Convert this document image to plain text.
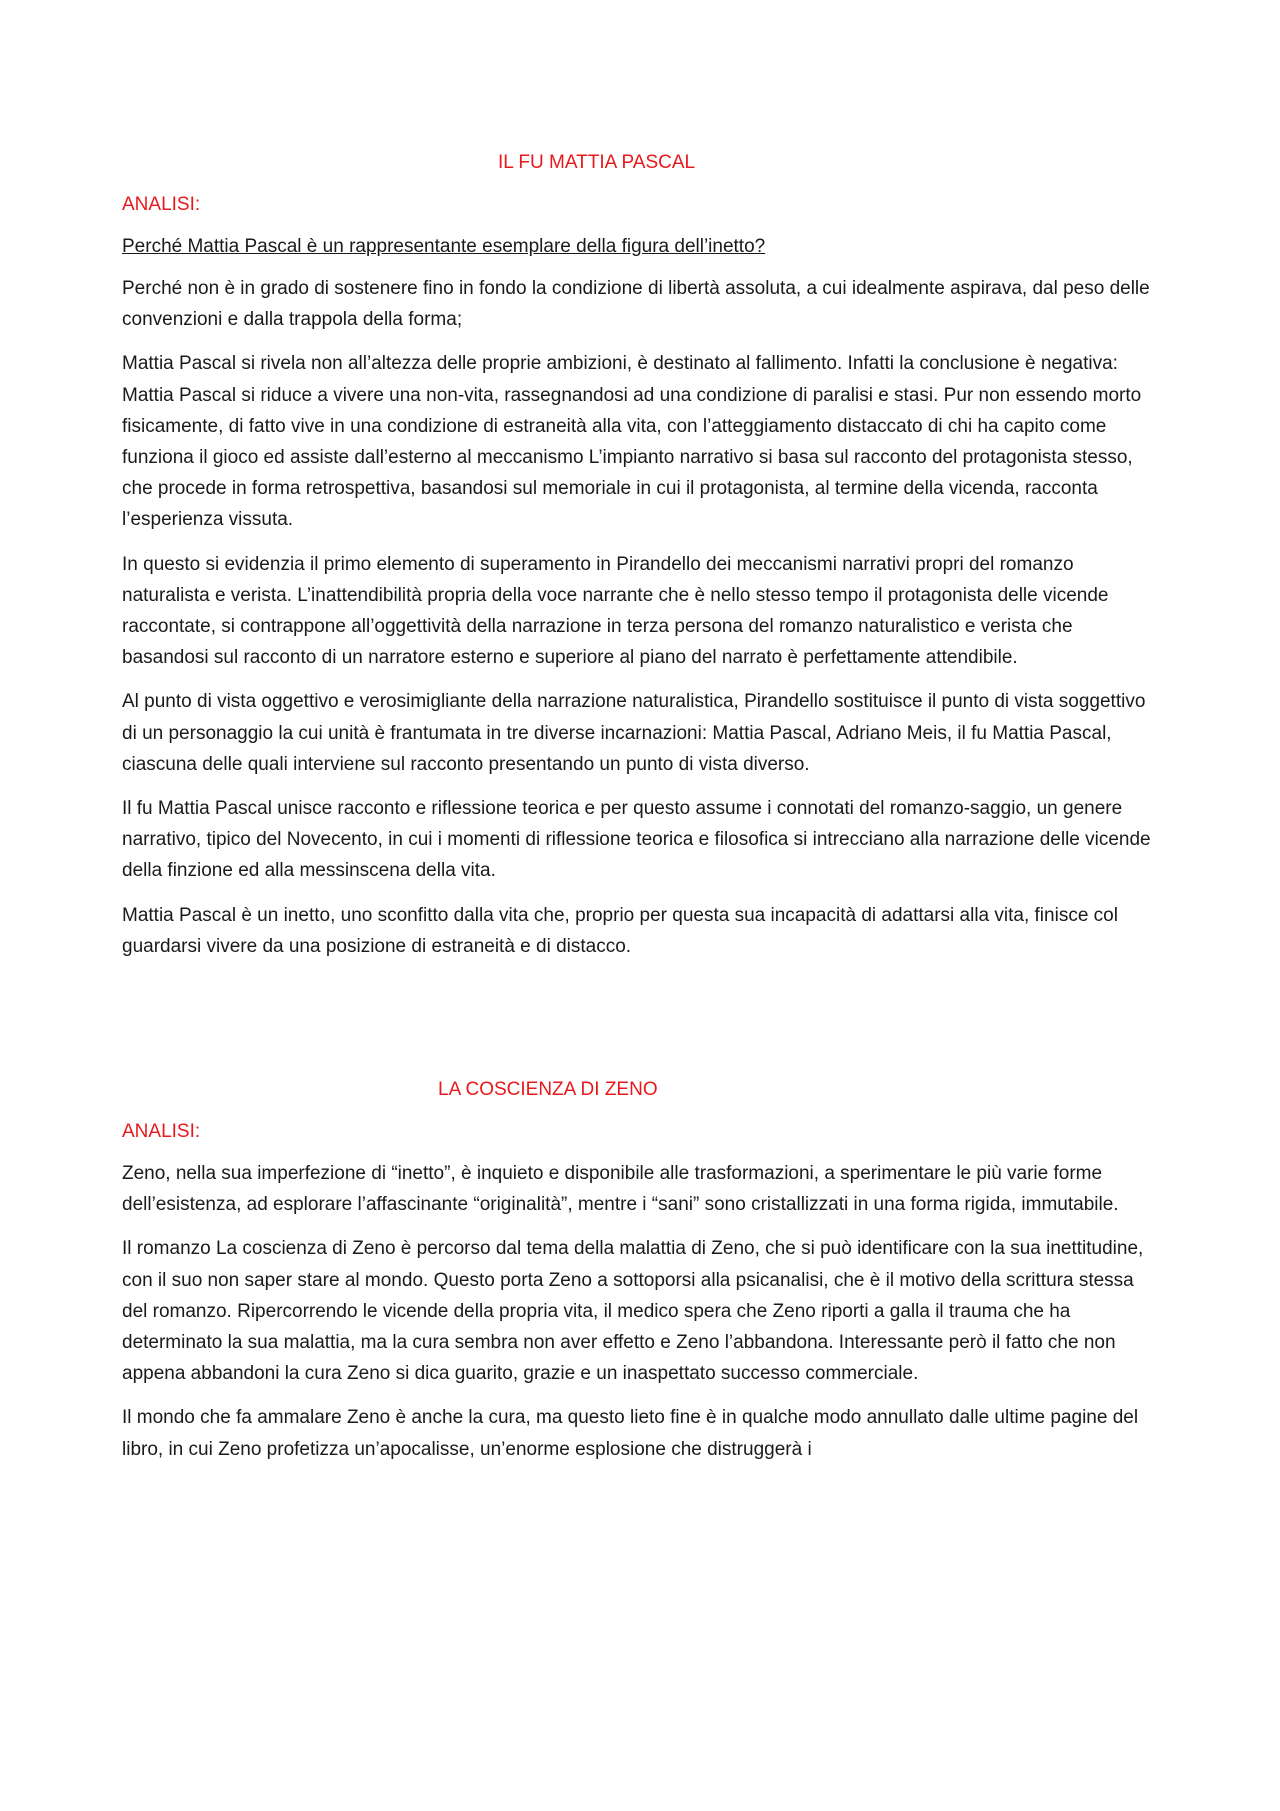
IL FU MATTIA PASCAL

ANALISI:

Perché Mattia Pascal è un rappresentante esemplare della figura dell’inetto?

Perché non è in grado di sostenere fino in fondo la condizione di libertà assoluta, a cui idealmente aspirava, dal peso delle convenzioni e dalla trappola della forma;

Mattia Pascal si rivela non all’altezza delle proprie ambizioni, è destinato al fallimento. Infatti la conclusione è negativa: Mattia Pascal si riduce a vivere una non-vita, rassegnandosi ad una condizione di paralisi e stasi. Pur non essendo morto fisicamente, di fatto vive in una condizione di estraneità alla vita, con l’atteggiamento distaccato di chi ha capito come funziona il gioco ed assiste dall’esterno al meccanismo L’impianto narrativo si basa sul racconto del protagonista stesso, che procede in forma retrospettiva, basandosi sul memoriale in cui il protagonista, al termine della vicenda, racconta l’esperienza vissuta.

In questo si evidenzia il primo elemento di superamento in Pirandello dei meccanismi narrativi propri del romanzo naturalista e verista. L’inattendibilità propria della voce narrante che è nello stesso tempo il protagonista delle vicende raccontate, si contrappone all’oggettività della narrazione in terza persona del romanzo naturalistico e verista che basandosi sul racconto di un narratore esterno e superiore al piano del narrato è perfettamente attendibile.

Al punto di vista oggettivo e verosimigliante della narrazione naturalistica, Pirandello sostituisce il punto di vista soggettivo di un personaggio la cui unità è frantumata in tre diverse incarnazioni: Mattia Pascal, Adriano Meis, il fu Mattia Pascal, ciascuna delle quali interviene sul racconto presentando un punto di vista diverso.

Il fu Mattia Pascal unisce racconto e riflessione teorica e per questo assume i connotati del romanzo-saggio, un genere narrativo, tipico del Novecento, in cui i momenti di riflessione teorica e filosofica si intrecciano alla narrazione delle vicende della finzione ed alla messinscena della vita.

Mattia Pascal è un inetto, uno sconfitto dalla vita che, proprio per questa sua incapacità di adattarsi alla vita, finisce col guardarsi vivere da una posizione di estraneità e di distacco.

LA COSCIENZA DI ZENO

ANALISI:

Zeno, nella sua imperfezione di “inetto”, è inquieto e disponibile alle trasformazioni, a sperimentare le più varie forme dell’esistenza, ad esplorare l’affascinante “originalità”, mentre i “sani” sono cristallizzati in una forma rigida, immutabile.

Il romanzo La coscienza di Zeno è percorso dal tema della malattia di Zeno, che si può identificare con la sua inettitudine, con il suo non saper stare al mondo. Questo porta Zeno a sottoporsi alla psicanalisi, che è il motivo della scrittura stessa del romanzo. Ripercorrendo le vicende della propria vita, il medico spera che Zeno riporti a galla il trauma che ha determinato la sua malattia, ma la cura sembra non aver effetto e Zeno l’abbandona. Interessante però il fatto che non appena abbandoni la cura Zeno si dica guarito, grazie e un inaspettato successo commerciale.

Il mondo che fa ammalare Zeno è anche la cura, ma questo lieto fine è in qualche modo annullato dalle ultime pagine del libro, in cui Zeno profetizza un’apocalisse, un’enorme esplosione che distruggerà i
